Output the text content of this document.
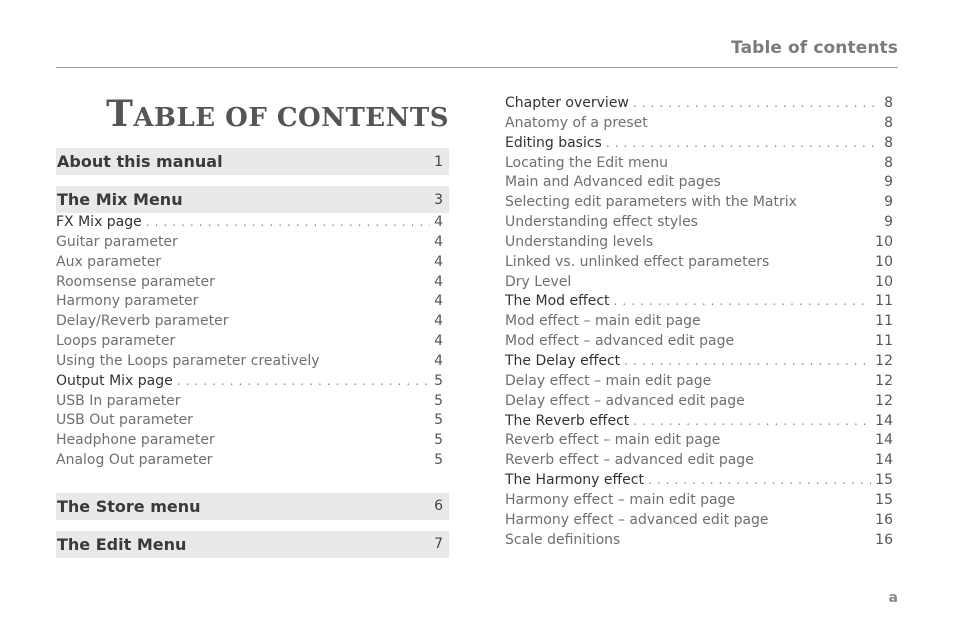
Table of contents
TABLE OF CONTENTS
About this manual	1
The Mix Menu	3
FX Mix page . . .	4
Guitar parameter	4
Aux parameter	4
Roomsense parameter	4
Harmony parameter	4
Delay/Reverb parameter	4
Loops parameter	4
Using the Loops parameter creatively	4
Output Mix page . . .	5
USB In parameter	5
USB Out parameter	5
Headphone parameter	5
Analog Out parameter	5
The Store menu	6
The Edit Menu	7
Chapter overview . . .	8
Anatomy of a preset	8
Editing basics . . .	8
Locating the Edit menu	8
Main and Advanced edit pages	9
Selecting edit parameters with the Matrix	9
Understanding effect styles	9
Understanding levels	10
Linked vs. unlinked effect parameters	10
Dry Level	10
The Mod effect . . .	11
Mod effect – main edit page	11
Mod effect – advanced edit page	11
The Delay effect . . .	12
Delay effect – main edit page	12
Delay effect – advanced edit page	12
The Reverb effect . . .	14
Reverb effect – main edit page	14
Reverb effect – advanced edit page	14
The Harmony effect . . .	15
Harmony effect – main edit page	15
Harmony effect – advanced edit page	16
Scale definitions	16
a
